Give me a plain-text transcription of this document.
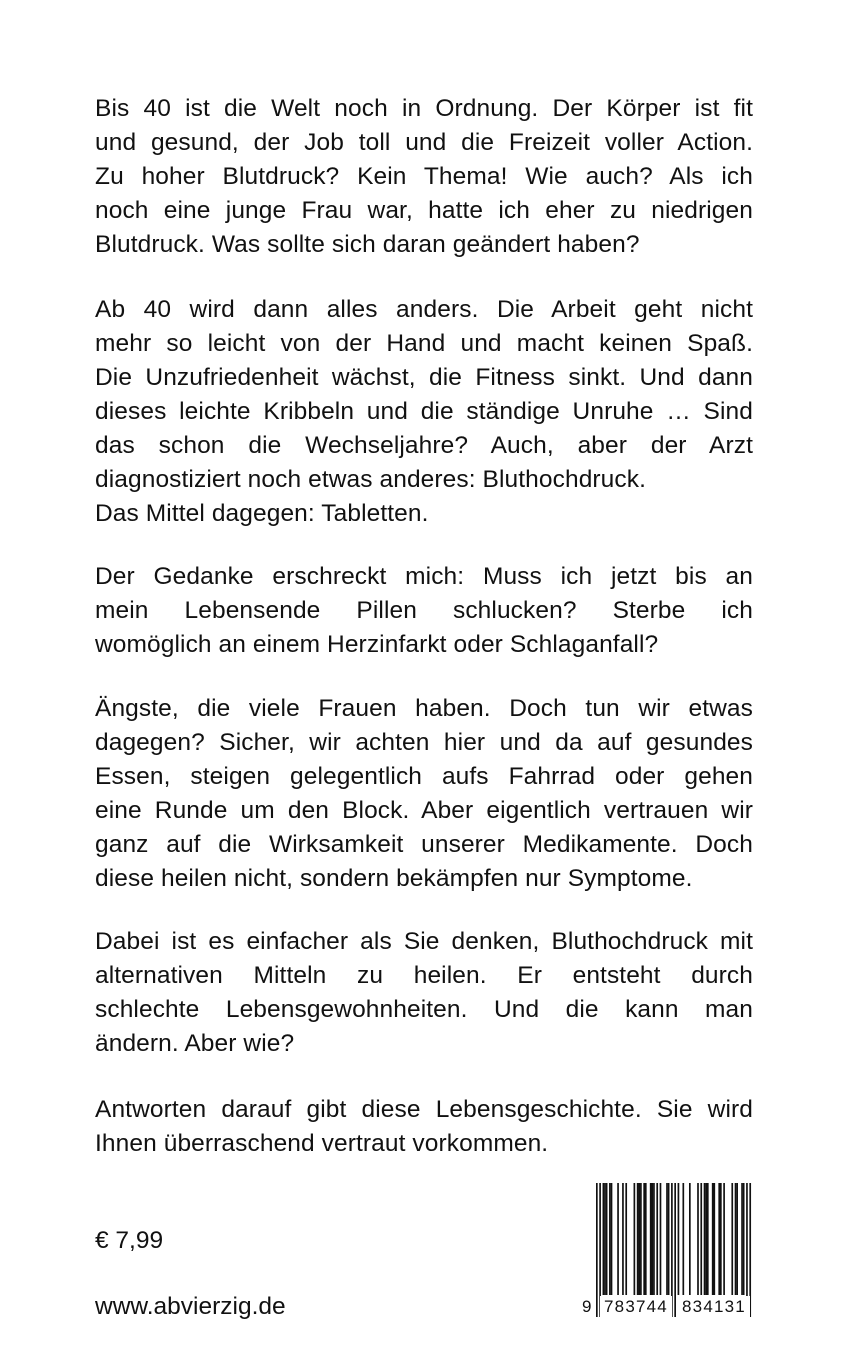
Bis 40 ist die Welt noch in Ordnung. Der Körper ist fit
und gesund, der Job toll und die Freizeit voller Action.
Zu hoher Blutdruck? Kein Thema! Wie auch? Als ich
noch eine junge Frau war, hatte ich eher zu niedrigen
Blutdruck. Was sollte sich daran geändert haben?
Ab 40 wird dann alles anders. Die Arbeit geht nicht
mehr so leicht von der Hand und macht keinen Spaß.
Die Unzufriedenheit wächst, die Fitness sinkt. Und dann
dieses leichte Kribbeln und die ständige Unruhe … Sind
das schon die Wechseljahre? Auch, aber der Arzt
diagnostiziert noch etwas anderes: Bluthochdruck.
Das Mittel dagegen: Tabletten.
Der Gedanke erschreckt mich: Muss ich jetzt bis an
mein Lebensende Pillen schlucken? Sterbe ich
womöglich an einem Herzinfarkt oder Schlaganfall?
Ängste, die viele Frauen haben. Doch tun wir etwas
dagegen? Sicher, wir achten hier und da auf gesundes
Essen, steigen gelegentlich aufs Fahrrad oder gehen
eine Runde um den Block. Aber eigentlich vertrauen wir
ganz auf die Wirksamkeit unserer Medikamente. Doch
diese heilen nicht, sondern bekämpfen nur Symptome.
Dabei ist es einfacher als Sie denken, Bluthochdruck mit
alternativen Mitteln zu heilen. Er entsteht durch
schlechte Lebensgewohnheiten. Und die kann man
ändern. Aber wie?
Antworten darauf gibt diese Lebensgeschichte. Sie wird
Ihnen überraschend vertraut vorkommen.
€ 7,99
www.abvierzig.de	9 783744 834131
